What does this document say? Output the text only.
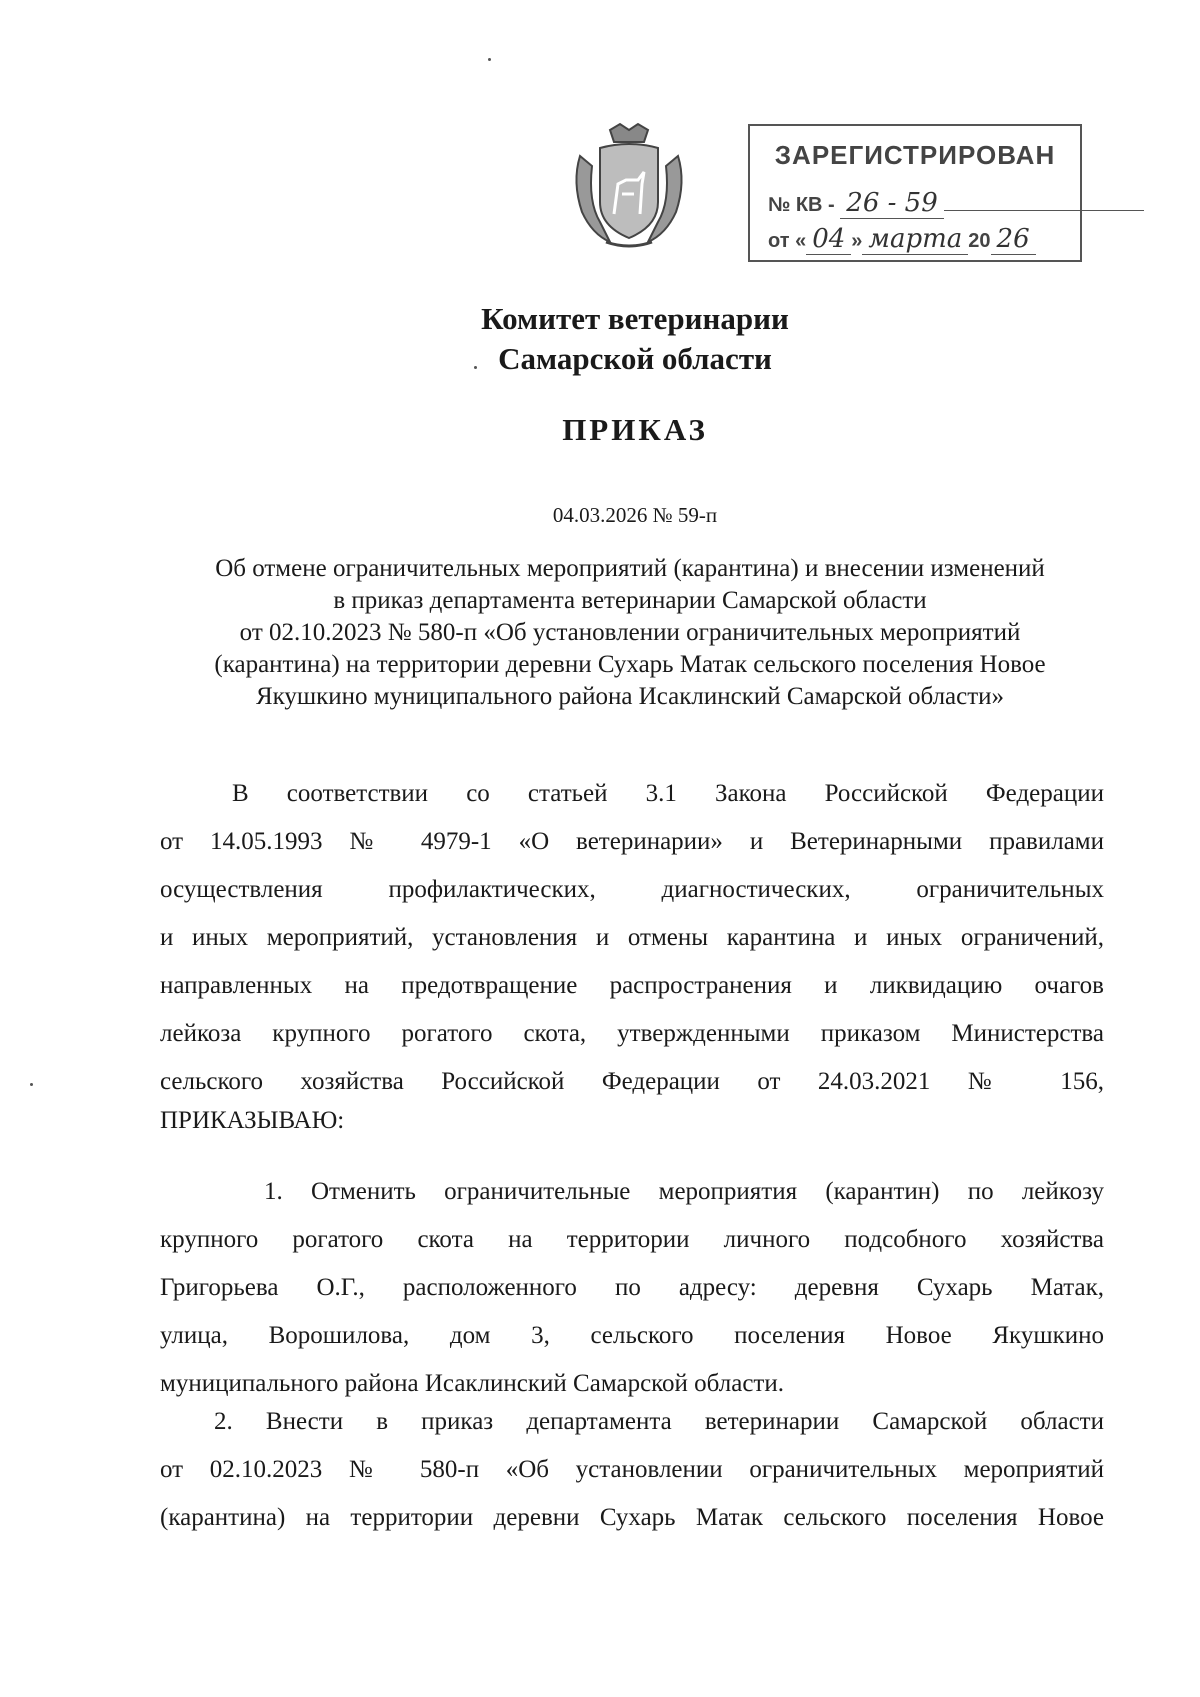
ЗАРЕГИСТРИРОВАН
№ КВ - 26 - 59
от « 04 » марта 20 26
Комитет ветеринарии
Самарской области
ПРИКАЗ
04.03.2026 № 59-п
Об отмене ограничительных мероприятий (карантина) и внесении изменений
в приказ департамента ветеринарии Самарской области
от 02.10.2023 № 580-п «Об установлении ограничительных мероприятий
(карантина) на территории деревни Сухарь Матак сельского поселения Новое
Якушкино муниципального района Исаклинский Самарской области»
В соответствии со статьей 3.1 Закона Российской Федерации
от 14.05.1993 № 4979-1 «О ветеринарии» и Ветеринарными правилами
осуществления профилактических, диагностических, ограничительных
и иных мероприятий, установления и отмены карантина и иных ограничений,
направленных на предотвращение распространения и ликвидацию очагов
лейкоза крупного рогатого скота, утвержденными приказом Министерства
сельского хозяйства Российской Федерации от 24.03.2021 № 156,
ПРИКАЗЫВАЮ:
1. Отменить ограничительные мероприятия (карантин) по лейкозу
крупного рогатого скота на территории личного подсобного хозяйства
Григорьева О.Г., расположенного по адресу: деревня Сухарь Матак,
улица, Ворошилова, дом 3, сельского поселения Новое Якушкино
муниципального района Исаклинский Самарской области.
2. Внести в приказ департамента ветеринарии Самарской области
от 02.10.2023 № 580-п «Об установлении ограничительных мероприятий
(карантина) на территории деревни Сухарь Матак сельского поселения Новое
